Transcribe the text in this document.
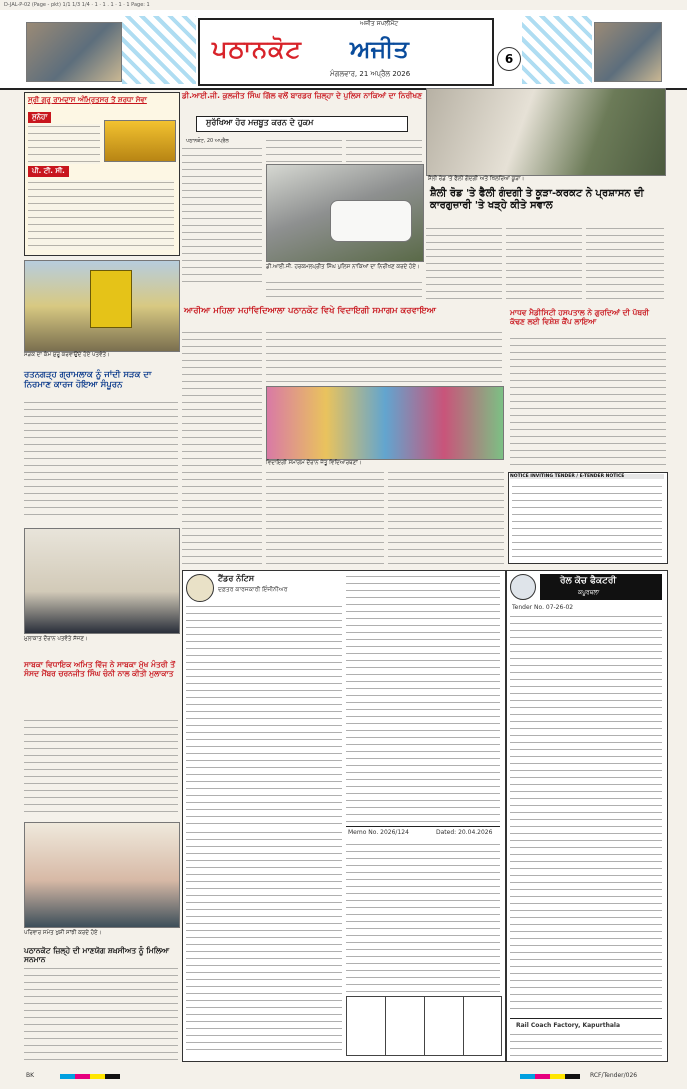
D-JAL-P-02 (Page - pkt) 1/1 1/3 1/4 · 1 · 1 . 1 · 1 · 1 Page: 1
ਅਜੀਤ ਸਪਲੀਮੈਂਟ
ਪਠਾਨਕੋਟ ਅਜੀਤ
ਮੰਗਲਵਾਰ, 21 ਅਪ੍ਰੈਲ 2026
6
ਸ੍ਰੀ ਗੁਰੂ ਰਾਮਦਾਸ ਅੰਮ੍ਰਿਤਸਰ ਤੋਂ ਸ਼ਰਧਾ ਸੇਵਾ
ਸੁਨੇਹਾ
ਪੀ. ਟੀ. ਸੀ.
ਡੀ.ਆਈ.ਜੀ. ਕੁਲਜੀਤ ਸਿੰਘ ਗਿੱਲ ਵਲੋਂ ਬਾਰਡਰ ਜ਼ਿਲ੍ਹਾ ਦੇ ਪੁਲਿਸ ਨਾਕਿਆਂ ਦਾ ਨਿਰੀਖਣ
ਸੁਰੱਖਿਆ ਹੋਰ ਮਜ਼ਬੂਤ ਕਰਨ ਦੇ ਹੁਕਮ
ਪਠਾਨਕੋਟ, 20 ਅਪ੍ਰੈਲ
ਡੀ.ਆਈ.ਜੀ. ਹਰਕਮਲਪ੍ਰੀਤ ਸਿੰਘ ਪੁਲਿਸ ਨਾਕਿਆਂ ਦਾ ਨਿਰੀਖਣ ਕਰਦੇ ਹੋਏ।
ਸ਼ੈਲੀ ਰੋਡ 'ਤੇ ਫੈਲੀ ਗੰਦਗੀ ਅਤੇ ਖਿੱਲਰਿਆ ਕੂੜਾ।
ਸ਼ੈਲੀ ਰੋਡ 'ਤੇ ਫੈਲੀ ਗੰਦਗੀ ਤੇ ਕੂੜਾ-ਕਰਕਟ ਨੇ ਪ੍ਰਸ਼ਾਸਨ ਦੀ ਕਾਰਗੁਜ਼ਾਰੀ 'ਤੇ ਖੜ੍ਹੇ ਕੀਤੇ ਸਵਾਲ
ਸੜਕ ਦਾ ਕੰਮ ਸ਼ੁਰੂ ਕਰਵਾਉਂਦੇ ਹੋਏ ਪਤਵੰਤੇ।
ਰਤਨਗੜ੍ਹ ਗ੍ਰਾਮਲਾਕ ਨੂੰ ਜਾਂਦੀ ਸੜਕ ਦਾ ਨਿਰਮਾਣ ਕਾਰਜ ਹੋਇਆ ਸੰਪੂਰਨ
ਮੁਲਾਕਾਤ ਦੌਰਾਨ ਪਤਵੰਤੇ ਸੱਜਣ।
ਸਾਬਕਾ ਵਿਧਾਇਕ ਅਮਿਤ ਵਿੱਜ ਨੇ ਸਾਬਕਾ ਮੁੱਖ ਮੰਤਰੀ ਤੋਂ ਸੰਸਦ ਮੈਂਬਰ ਚਰਨਜੀਤ ਸਿੰਘ ਚੰਨੀ ਨਾਲ ਕੀਤੀ ਮੁਲਾਕਾਤ
ਪਰਿਵਾਰ ਸਮੇਤ ਖੁਸ਼ੀ ਸਾਂਝੀ ਕਰਦੇ ਹੋਏ।
ਪਠਾਨਕੋਟ ਜ਼ਿਲ੍ਹੇ ਦੀ ਮਾਣਯੋਗ ਸ਼ਖ਼ਸੀਅਤ ਨੂੰ ਮਿਲਿਆ ਸਨਮਾਨ
ਆਰੀਆ ਮਹਿਲਾ ਮਹਾਂਵਿਦਿਆਲਾ ਪਠਾਨਕੋਟ ਵਿਖੇ ਵਿਦਾਇਗੀ ਸਮਾਗਮ ਕਰਵਾਇਆ
ਵਿਦਾਇਗੀ ਸਮਾਗਮ ਦੌਰਾਨ ਜੇਤੂ ਵਿਦਿਆਰਥਣਾਂ।
ਮਾਧਵ ਮੈਡੀਸਿਟੀ ਹਸਪਤਾਲ ਨੇ ਗੁਰਦਿਆਂ ਦੀ ਪੱਥਰੀ ਕੱਢਣ ਲਈ ਵਿਸ਼ੇਸ਼ ਕੈਂਪ ਲਾਇਆ
NOTICE INVITING TENDER / E-TENDER NOTICE
ਟੈਂਡਰ ਨੋਟਿਸ
ਦਫ਼ਤਰ ਕਾਰਜਕਾਰੀ ਇੰਜੀਨੀਅਰ
Memo No. 2026/124	Dated: 20.04.2026
ਰੇਲ ਕੋਚ ਫੈਕਟਰੀ
ਕਪੂਰਥਲਾ
Tender No. 07-26-02
Rail Coach Factory, Kapurthala
BK	RCF/Tender/026
